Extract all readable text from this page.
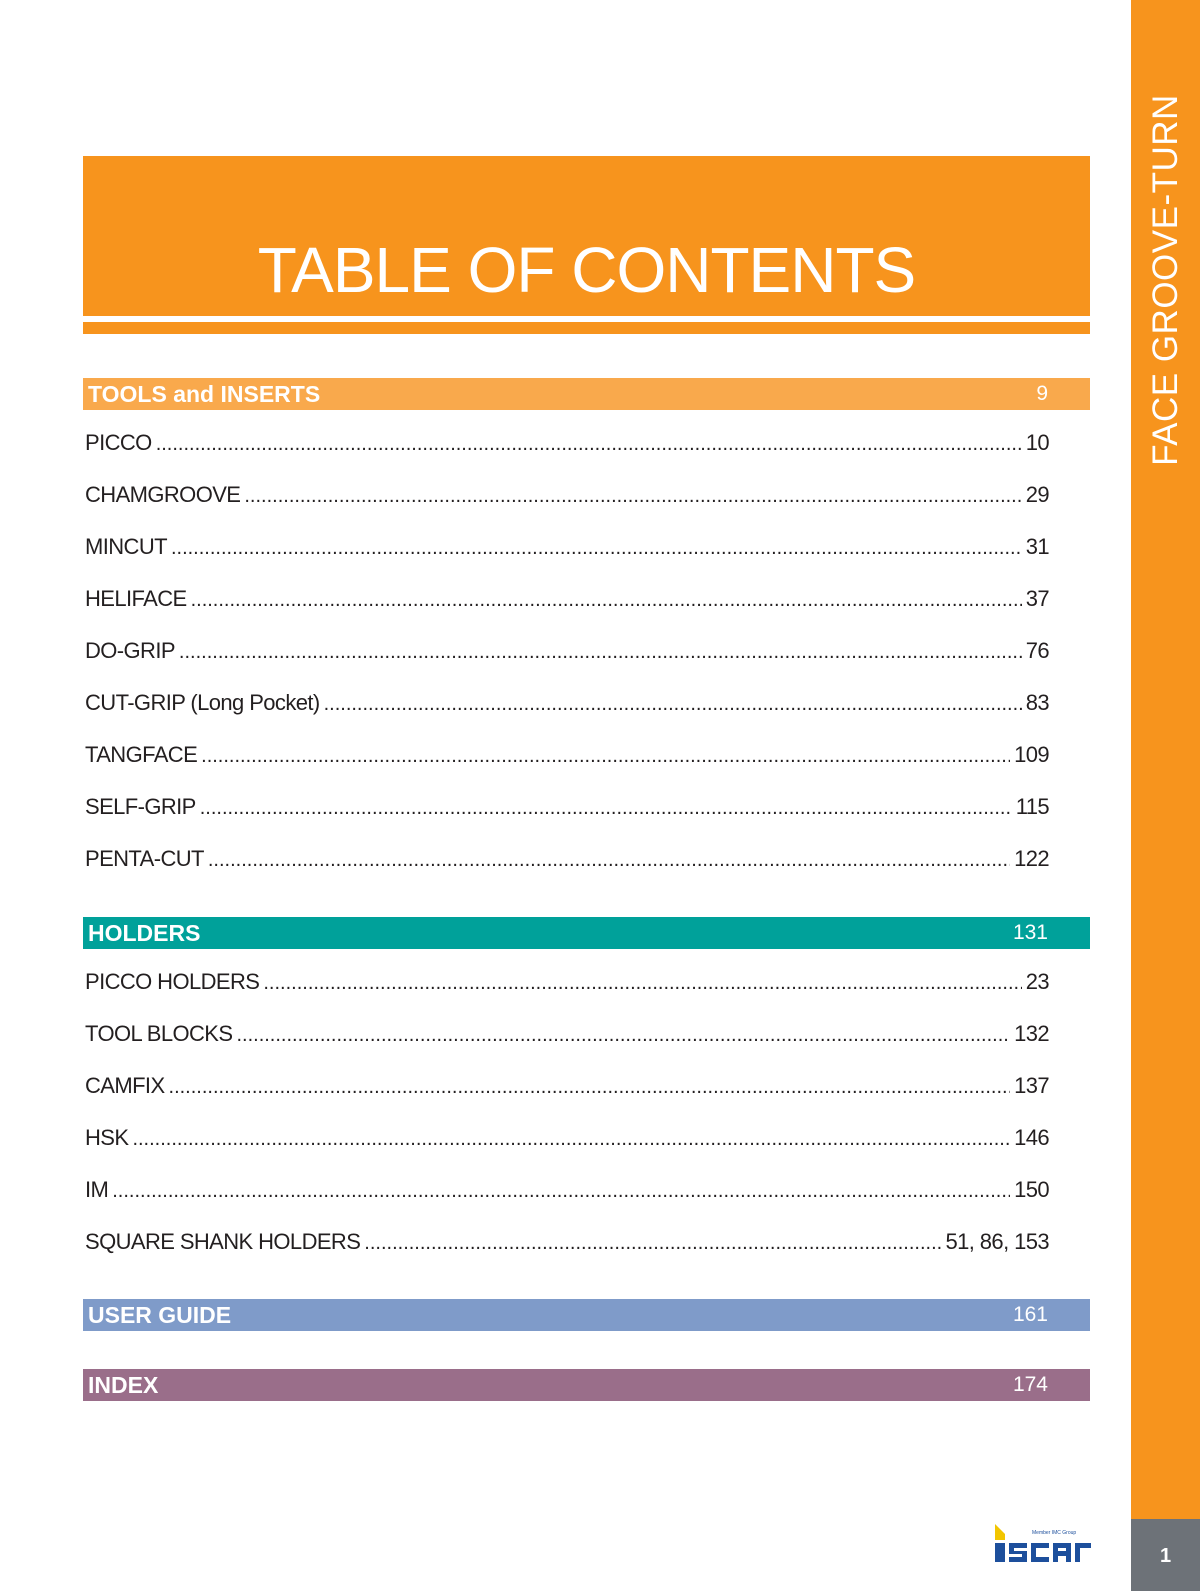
FACE GROOVE-TURN
1
TABLE OF CONTENTS
TOOLS and INSERTS	9
PICCO .....	10
CHAMGROOVE .....	29
MINCUT .....	31
HELIFACE .....	37
DO-GRIP .....	76
CUT-GRIP (Long Pocket) .....	83
TANGFACE .....	109
SELF-GRIP .....	115
PENTA-CUT .....	122
HOLDERS	131
PICCO HOLDERS .....	23
TOOL BLOCKS .....	132
CAMFIX .....	137
HSK .....	146
IM .....	150
SQUARE SHANK HOLDERS .....	51, 86, 153
USER GUIDE	161
INDEX	174
Member IMC Group
